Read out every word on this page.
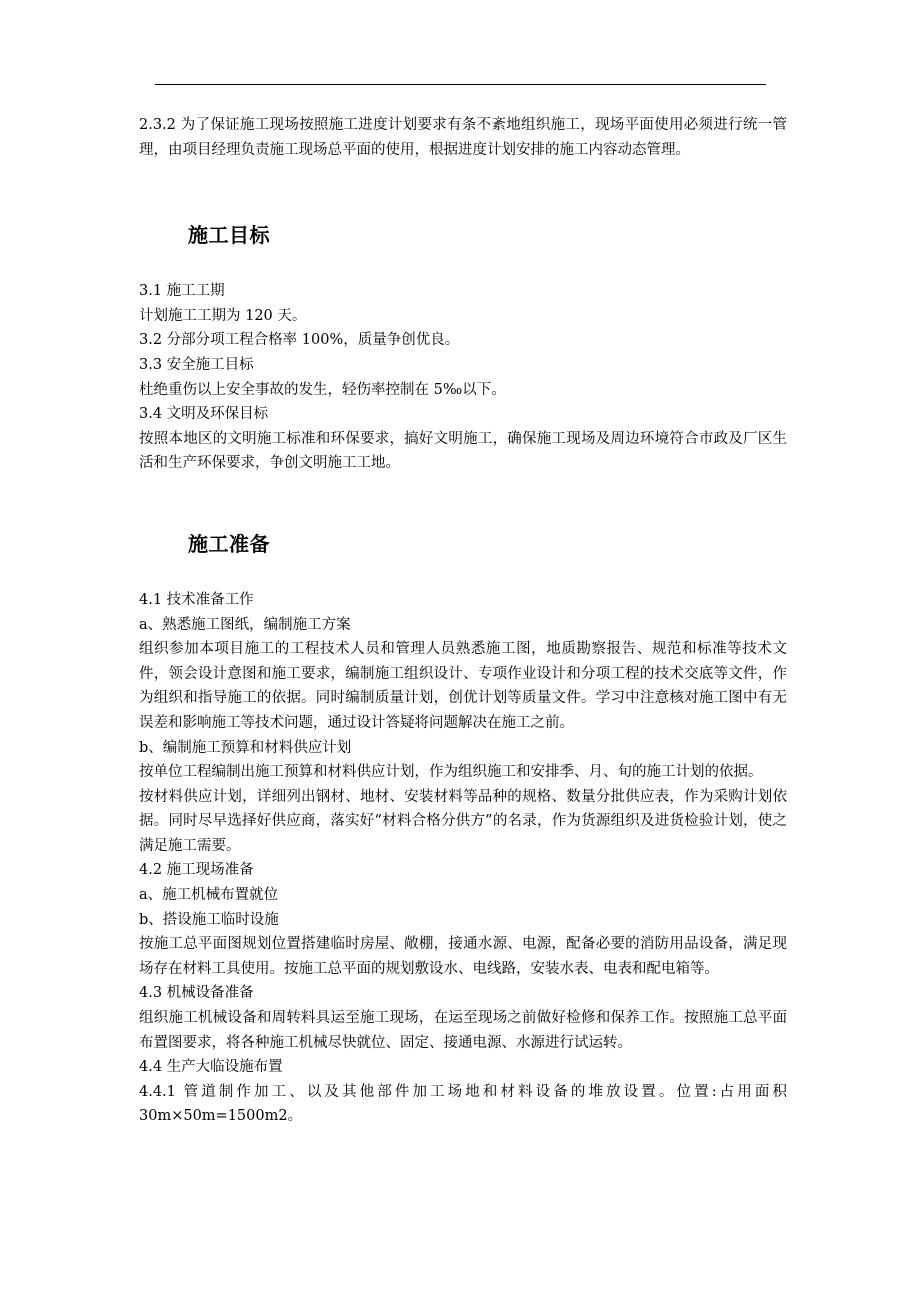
2.3.2 为了保证施工现场按照施工进度计划要求有条不紊地组织施工，现场平面使用必须进行统一管理，由项目经理负责施工现场总平面的使用，根据进度计划安排的施工内容动态管理。

施工目标

3.1 施工工期

计划施工工期为 120 天。

3.2 分部分项工程合格率 100%，质量争创优良。

3.3 安全施工目标

杜绝重伤以上安全事故的发生，轻伤率控制在 5‰以下。

3.4 文明及环保目标

按照本地区的文明施工标准和环保要求，搞好文明施工，确保施工现场及周边环境符合市政及厂区生活和生产环保要求，争创文明施工工地。

施工准备

4.1 技术准备工作

a、熟悉施工图纸，编制施工方案

组织参加本项目施工的工程技术人员和管理人员熟悉施工图，地质勘察报告、规范和标准等技术文件，领会设计意图和施工要求，编制施工组织设计、专项作业设计和分项工程的技术交底等文件，作为组织和指导施工的依据。同时编制质量计划，创优计划等质量文件。学习中注意核对施工图中有无误差和影响施工等技术问题，通过设计答疑将问题解决在施工之前。

b、编制施工预算和材料供应计划

按单位工程编制出施工预算和材料供应计划，作为组织施工和安排季、月、旬的施工计划的依据。

按材料供应计划，详细列出钢材、地材、安装材料等品种的规格、数量分批供应表，作为采购计划依据。同时尽早选择好供应商，落实好“材料合格分供方”的名录，作为货源组织及进货检验计划，使之满足施工需要。

4.2 施工现场准备

a、施工机械布置就位

b、搭设施工临时设施

按施工总平面图规划位置搭建临时房屋、敞棚，接通水源、电源，配备必要的消防用品设备，满足现场存在材料工具使用。按施工总平面的规划敷设水、电线路，安装水表、电表和配电箱等。

4.3 机械设备准备

组织施工机械设备和周转料具运至施工现场，在运至现场之前做好检修和保养工作。按照施工总平面布置图要求，将各种施工机械尽快就位、固定、接通电源、水源进行试运转。

4.4 生产大临设施布置

4.4.1 管道制作加工、以及其他部件加工场地和材料设备的堆放设置。位置:占用面积 30m×50m=1500m2。
